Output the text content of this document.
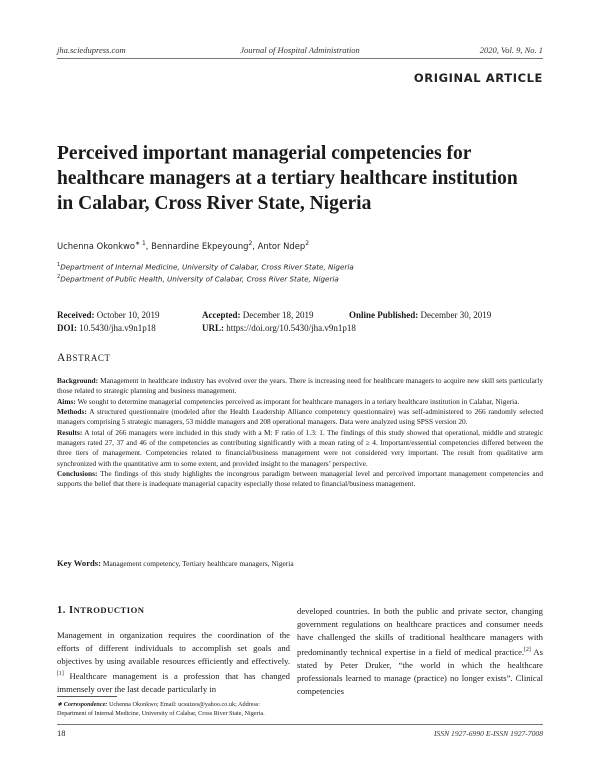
jha.sciedupress.com	Journal of Hospital Administration	2020, Vol. 9, No. 1
ORIGINAL ARTICLE
Perceived important managerial competencies for healthcare managers at a tertiary healthcare institution in Calabar, Cross River State, Nigeria
Uchenna Okonkwo$^{∗ 1}$, Bennardine Ekpeyoung$^2$, Antor Ndep$^2$
$^1$Department of Internal Medicine, University of Calabar, Cross River State, Nigeria
$^2$Department of Public Health, University of Calabar, Cross River State, Nigeria
Received: October 10, 2019	Accepted: December 18, 2019	Online Published: December 30, 2019
DOI: 10.5430/jha.v9n1p18	URL: https://doi.org/10.5430/jha.v9n1p18
ABSTRACT

Background: Management in healthcare industry has evolved over the years. There is increasing need for healthcare managers to acquire new skill sets particularly those related to strategic planning and business management.

Aims: We sought to determine managerial competencies perceived as imporant for healthcare managers in a teriary healthcare institution in Calabar, Nigeria.

Methods: A structured questionnaire (modeled after the Health Leadership Alliance competency questionnaire) was self-administered to 266 randomly selected managers comprising 5 strategic managers, 53 middle managers and 208 operational managers. Data were analyzed using SPSS version 20.

Results: A total of 266 managers were included in this study with a M: F ratio of 1.3: 1. The findings of this study showed that operational, middle and strategic managers rated 27, 37 and 46 of the competencies as contributing significantly with a mean rating of ≥ 4. Important/essential competencies differed between the three tiers of management. Competencies related to financial/business management were not considered very important. The result from qualitative arm synchronized with the quantitative arm to some extent, and provided insight to the managers’ perspective.

Conclusions: The findings of this study highlights the incongrous paradigm between managerial level and perceived important management competencies and supports the belief that there is inadequate managerial capacity especially those related to financial/business management.

Key Words: Management competency, Tertiary healthcare managers, Nigeria
1. INTRODUCTION
Management in organization requires the coordination of the efforts of different individuals to accomplish set goals and objectives by using available resources efficiently and effectively.[1] Healthcare management is a profession that has changed immensely over the last decade particularly in
developed countries. In both the public and private sector, changing government regulations on healthcare practices and consumer needs have challenged the skills of traditional healthcare managers with predominantly technical expertise in a field of medical practice.[2] As stated by Peter Druker, “the world in which the healthcare professionals learned to manage (practice) no longer exists”. Clinical competencies
∗ Correspondence: Uchenna Okonkwo; Email: ucsuizes@yahoo.co.uk; Address: Department of Internal Medicine, University of Calabar, Cross River State, Nigeria.
18	ISSN 1927-6990 E-ISSN 1927-7008
